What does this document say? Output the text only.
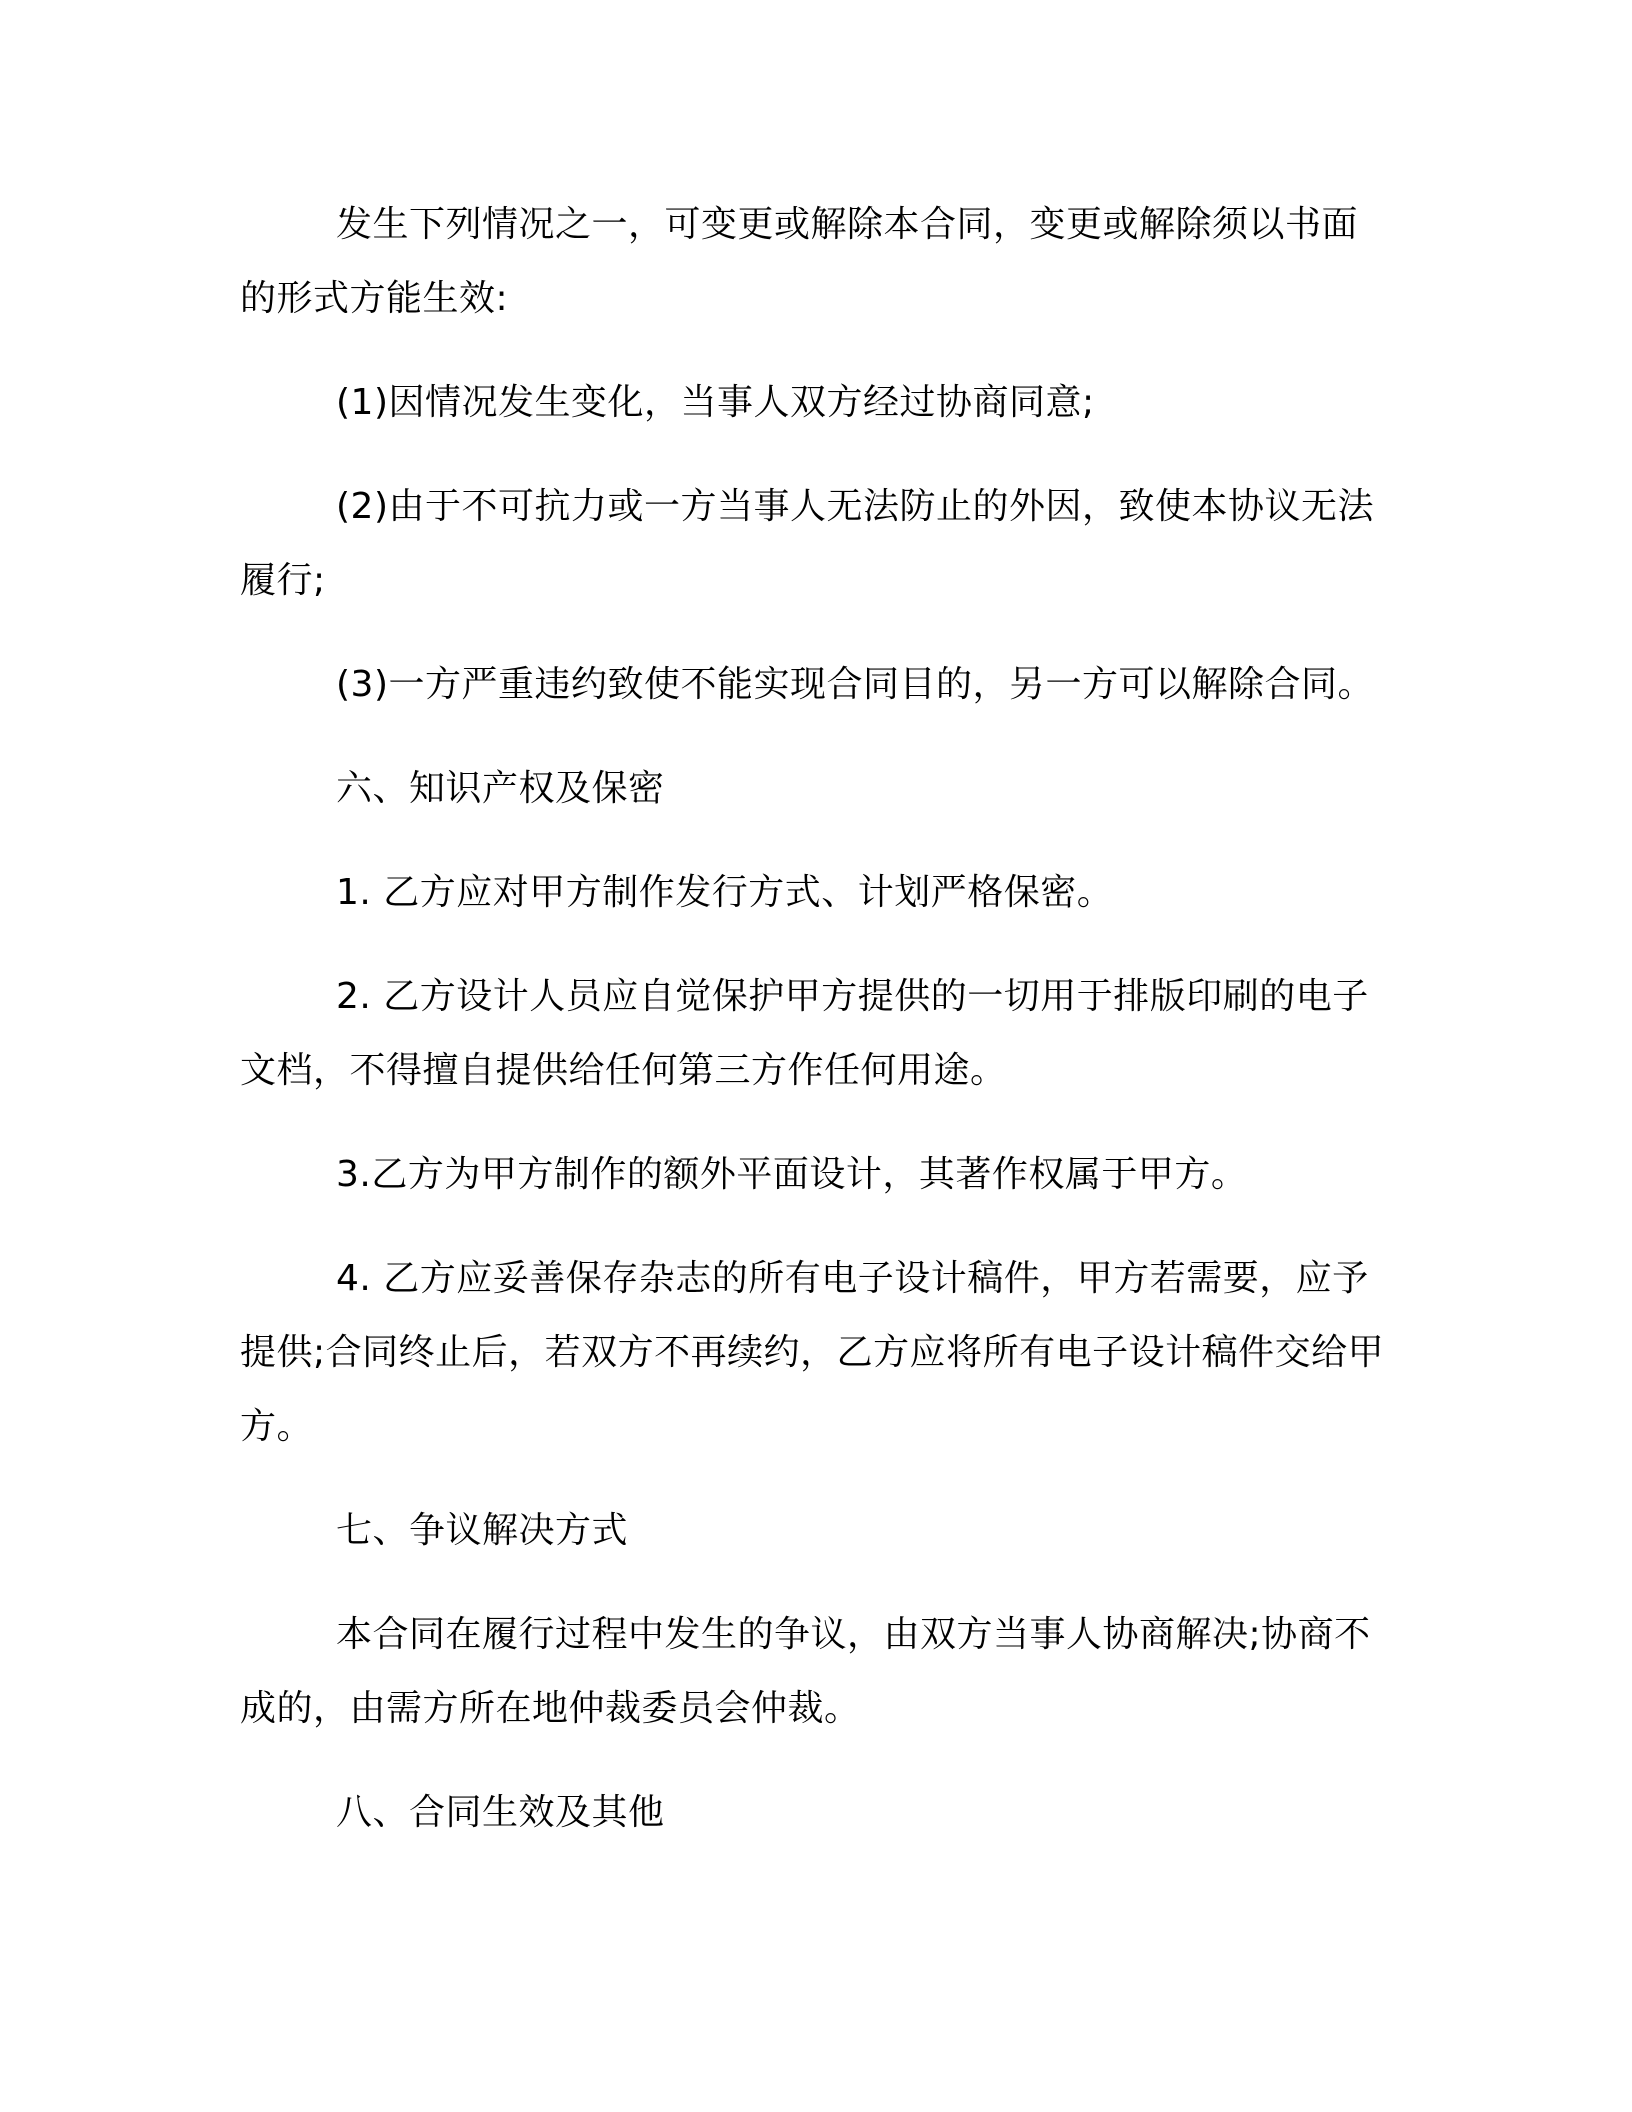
发生下列情况之一，可变更或解除本合同，变更或解除须以书面的形式方能生效:

(1)因情况发生变化，当事人双方经过协商同意;

(2)由于不可抗力或一方当事人无法防止的外因，致使本协议无法履行;

(3)一方严重违约致使不能实现合同目的，另一方可以解除合同。

六、知识产权及保密

1. 乙方应对甲方制作发行方式、计划严格保密。

2. 乙方设计人员应自觉保护甲方提供的一切用于排版印刷的电子文档，不得擅自提供给任何第三方作任何用途。

3.乙方为甲方制作的额外平面设计，其著作权属于甲方。

4. 乙方应妥善保存杂志的所有电子设计稿件，甲方若需要，应予提供;合同终止后，若双方不再续约，乙方应将所有电子设计稿件交给甲方。

七、争议解决方式

本合同在履行过程中发生的争议，由双方当事人协商解决;协商不成的，由需方所在地仲裁委员会仲裁。

八、合同生效及其他
